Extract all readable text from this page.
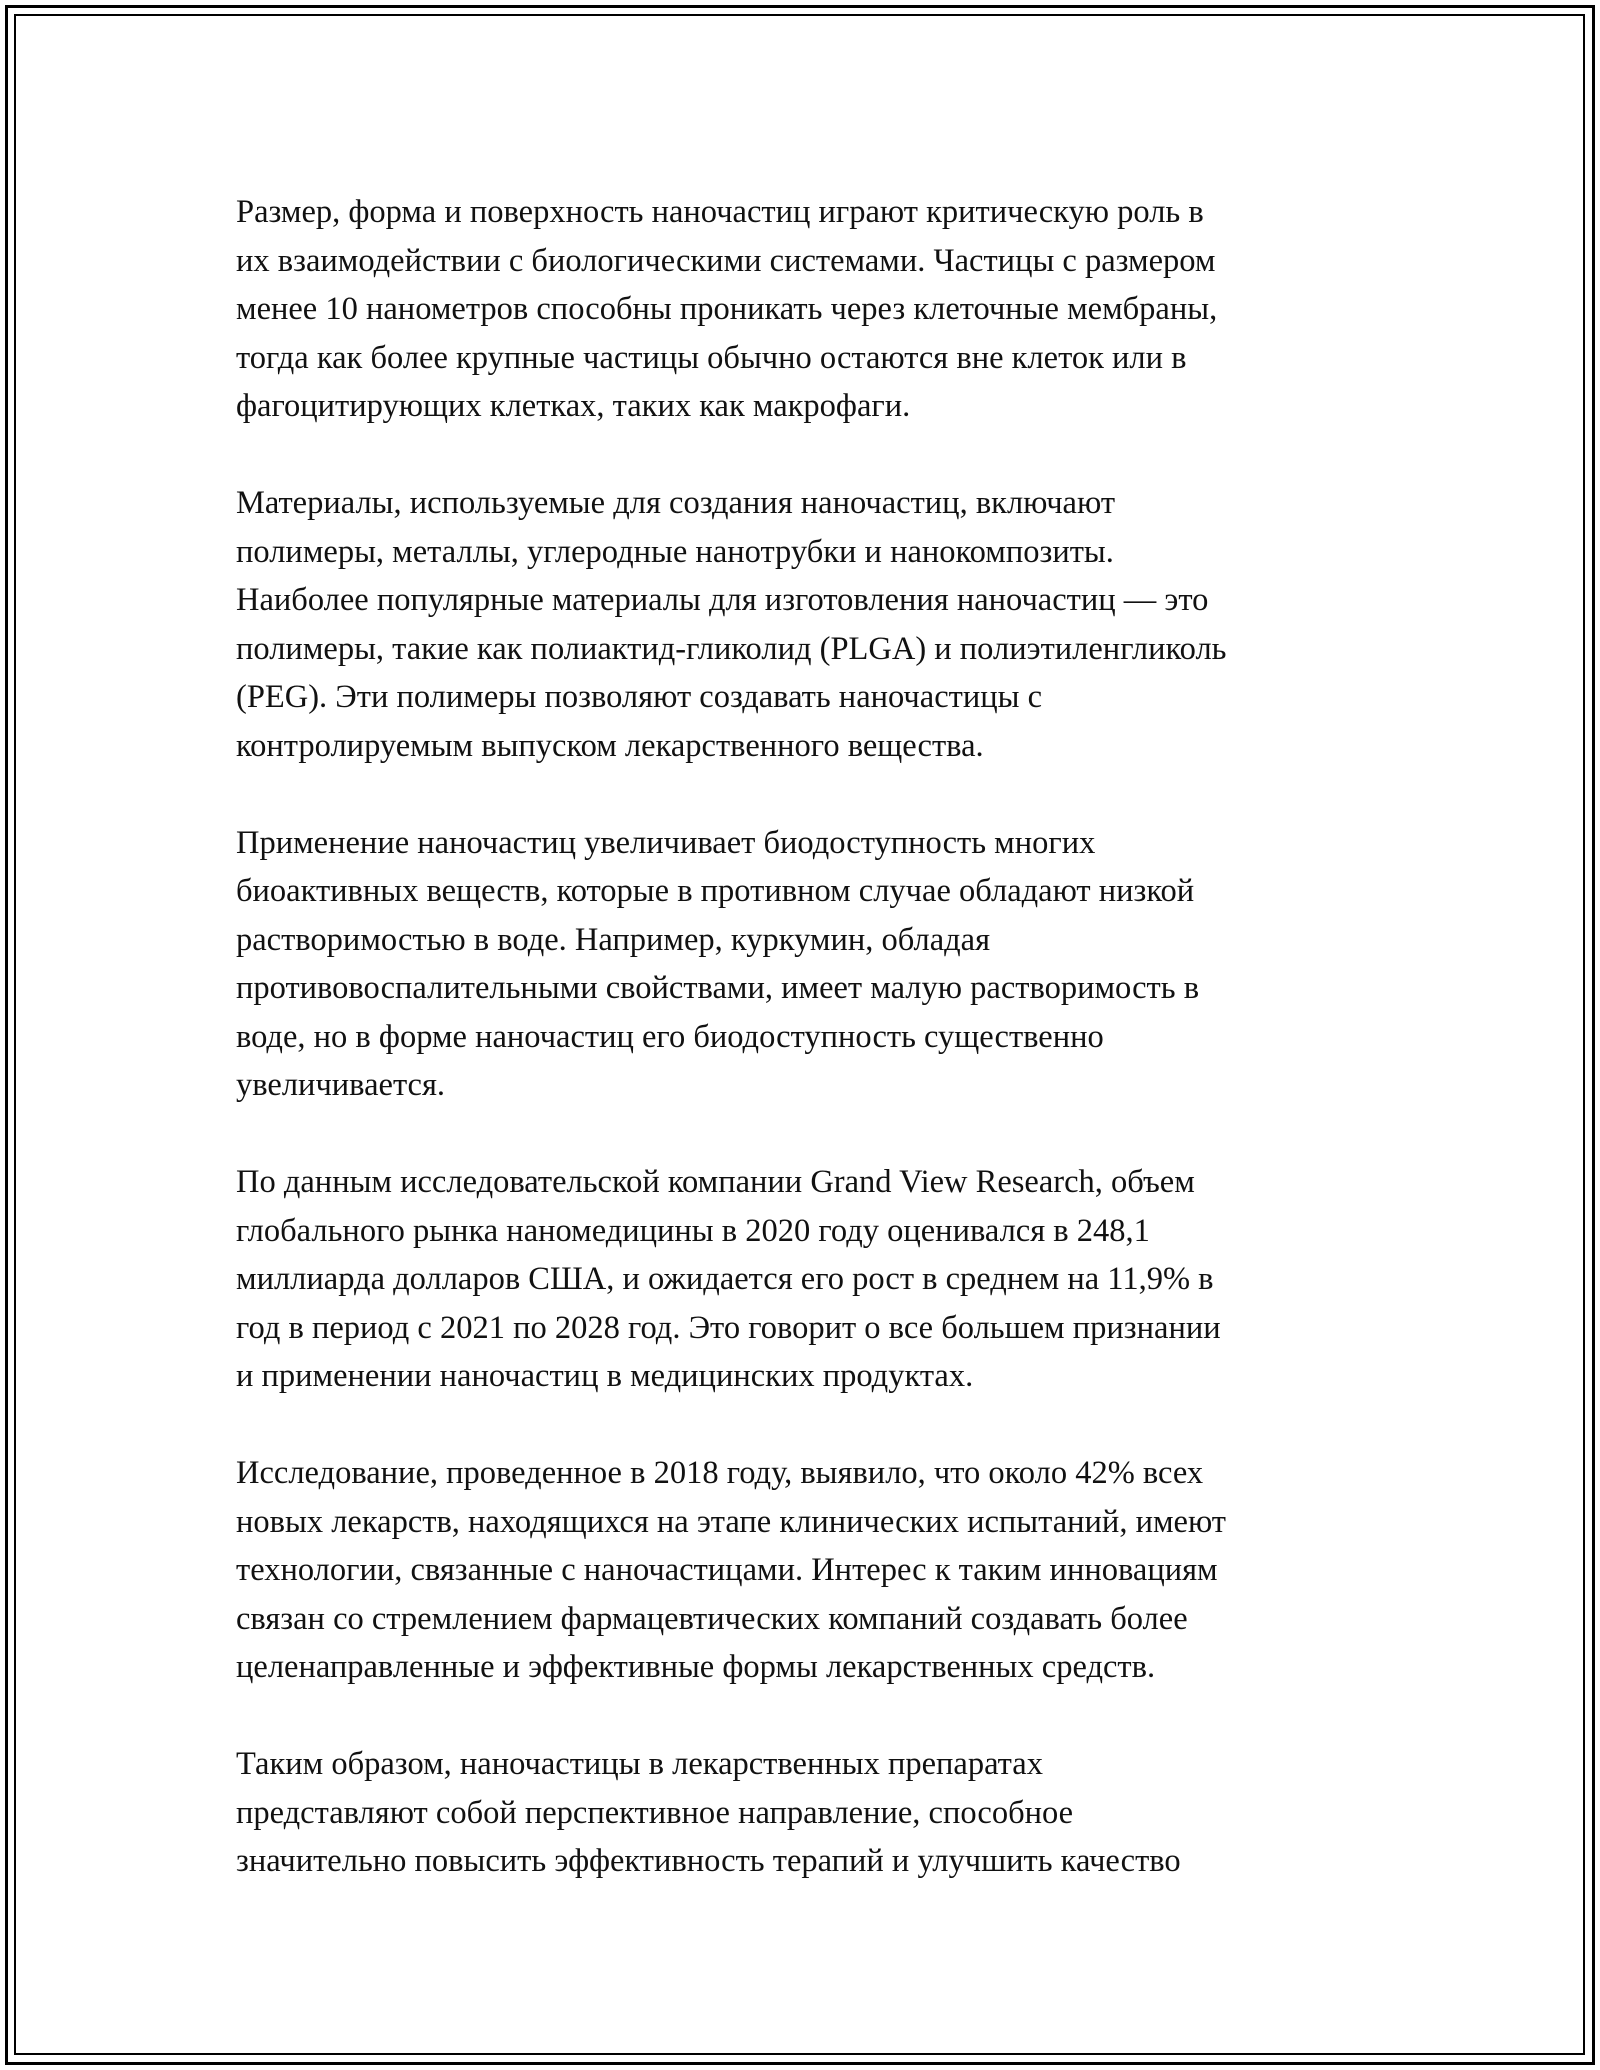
Размер, форма и поверхность наночастиц играют критическую роль в
их взаимодействии с биологическими системами. Частицы с размером
менее 10 нанометров способны проникать через клеточные мембраны,
тогда как более крупные частицы обычно остаются вне клеток или в
фагоцитирующих клетках, таких как макрофаги.

Материалы, используемые для создания наночастиц, включают
полимеры, металлы, углеродные нанотрубки и нанокомпозиты.
Наиболее популярные материалы для изготовления наночастиц — это
полимеры, такие как полиактид-гликолид (PLGA) и полиэтиленгликоль
(PEG). Эти полимеры позволяют создавать наночастицы с
контролируемым выпуском лекарственного вещества.

Применение наночастиц увеличивает биодоступность многих
биоактивных веществ, которые в противном случае обладают низкой
растворимостью в воде. Например, куркумин, обладая
противовоспалительными свойствами, имеет малую растворимость в
воде, но в форме наночастиц его биодоступность существенно
увеличивается.

По данным исследовательской компании Grand View Research, объем
глобального рынка наномедицины в 2020 году оценивался в 248,1
миллиарда долларов США, и ожидается его рост в среднем на 11,9% в
год в период с 2021 по 2028 год. Это говорит о все большем признании
и применении наночастиц в медицинских продуктах.

Исследование, проведенное в 2018 году, выявило, что около 42% всех
новых лекарств, находящихся на этапе клинических испытаний, имеют
технологии, связанные с наночастицами. Интерес к таким инновациям
связан со стремлением фармацевтических компаний создавать более
целенаправленные и эффективные формы лекарственных средств.

Таким образом, наночастицы в лекарственных препаратах
представляют собой перспективное направление, способное
значительно повысить эффективность терапий и улучшить качество
